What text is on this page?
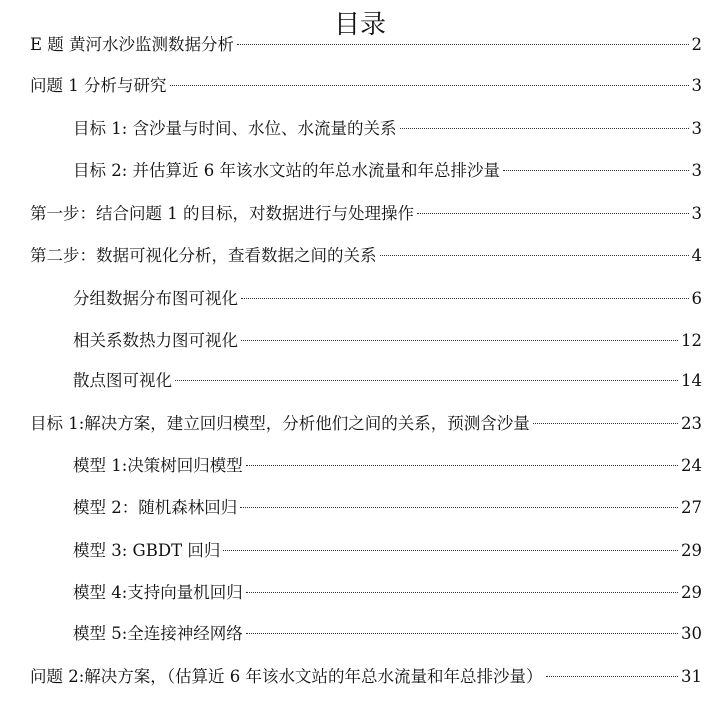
目录
E 题 黄河水沙监测数据分析	2
问题 1 分析与研究	3
目标 1: 含沙量与时间、水位、水流量的关系	3
目标 2: 并估算近 6 年该水文站的年总水流量和年总排沙量	3
第一步：结合问题 1 的目标，对数据进行与处理操作	3
第二步：数据可视化分析，查看数据之间的关系	4
分组数据分布图可视化	6
相关系数热力图可视化	12
散点图可视化	14
目标 1:解决方案，建立回归模型，分析他们之间的关系，预测含沙量	23
模型 1:决策树回归模型	24
模型 2：随机森林回归	27
模型 3: GBDT 回归	29
模型 4:支持向量机回归	29
模型 5:全连接神经网络	30
问题 2:解决方案，（估算近 6 年该水文站的年总水流量和年总排沙量）	31
